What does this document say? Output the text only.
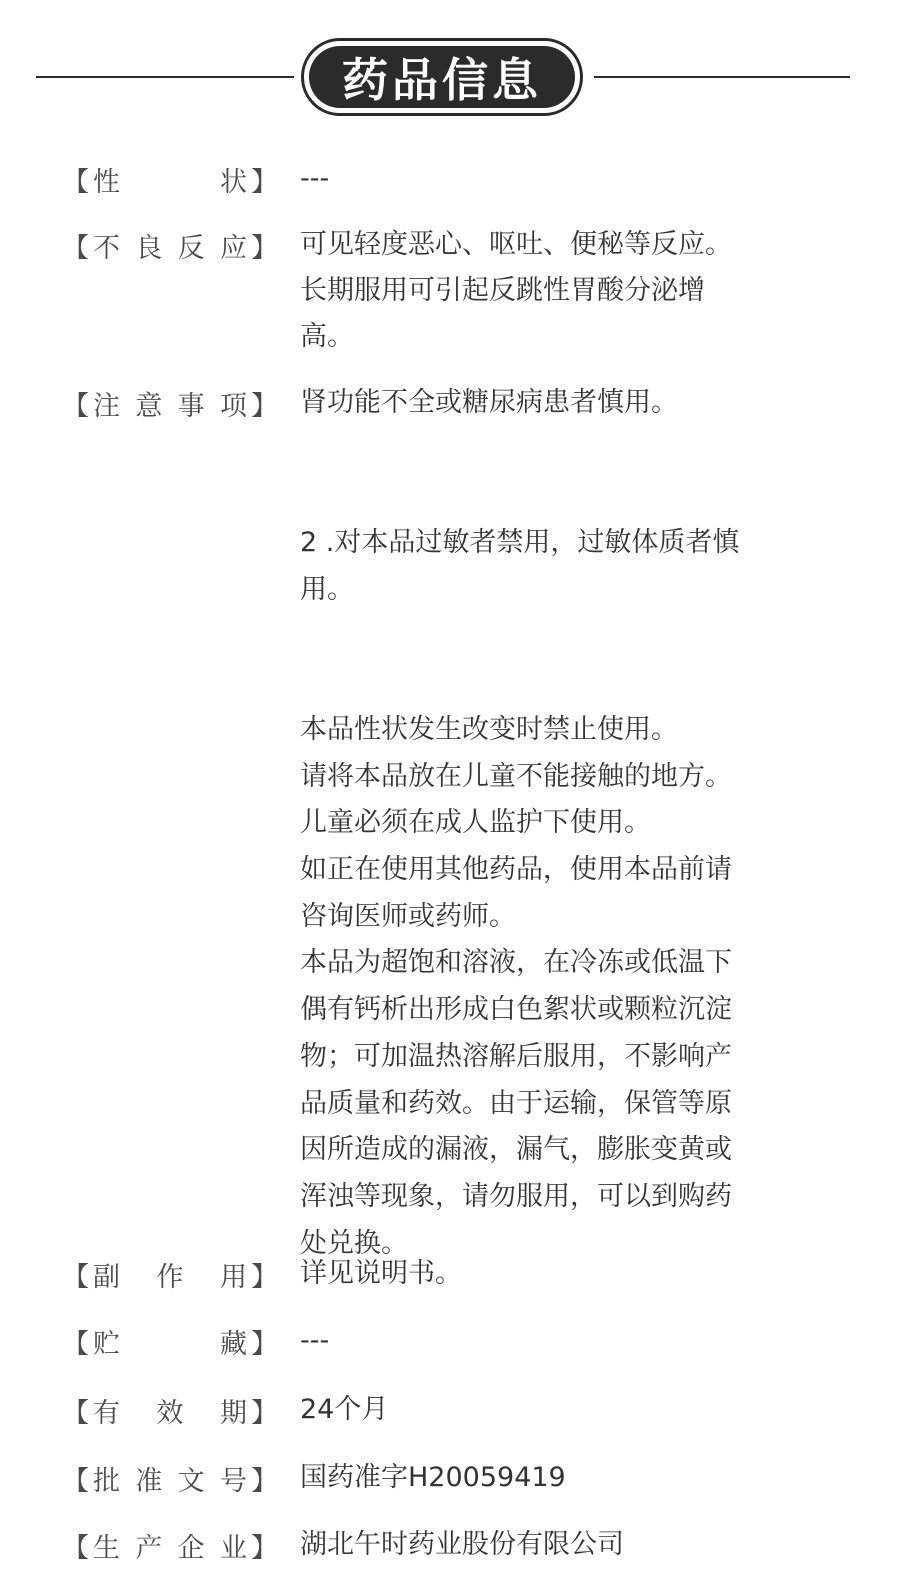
药品信息
【 性	状 】 ---
【 不 良 反 应 】 可见轻度恶心、呕吐、便秘等反应。
长期服用可引起反跳性胃酸分泌增
高。
【 注 意 事 项 】 肾功能不全或糖尿病患者慎用。

2 .对本品过敏者禁用，过敏体质者慎
用。

本品性状发生改变时禁止使用。
请将本品放在儿童不能接触的地方。
儿童必须在成人监护下使用。
如正在使用其他药品，使用本品前请
咨询医师或药师。
本品为超饱和溶液，在冷冻或低温下
偶有钙析出形成白色絮状或颗粒沉淀
物；可加温热溶解后服用，不影响产
品质量和药效。由于运输，保管等原
因所造成的漏液，漏气，膨胀变黄或
浑浊等现象，请勿服用，可以到购药
处兑换。
【 副 作 用 】 详见说明书。
【 贮	藏 】 ---
【 有 效 期 】 24个月
【 批 准 文 号 】 国药准字H20059419
【 生 产 企 业 】 湖北午时药业股份有限公司
